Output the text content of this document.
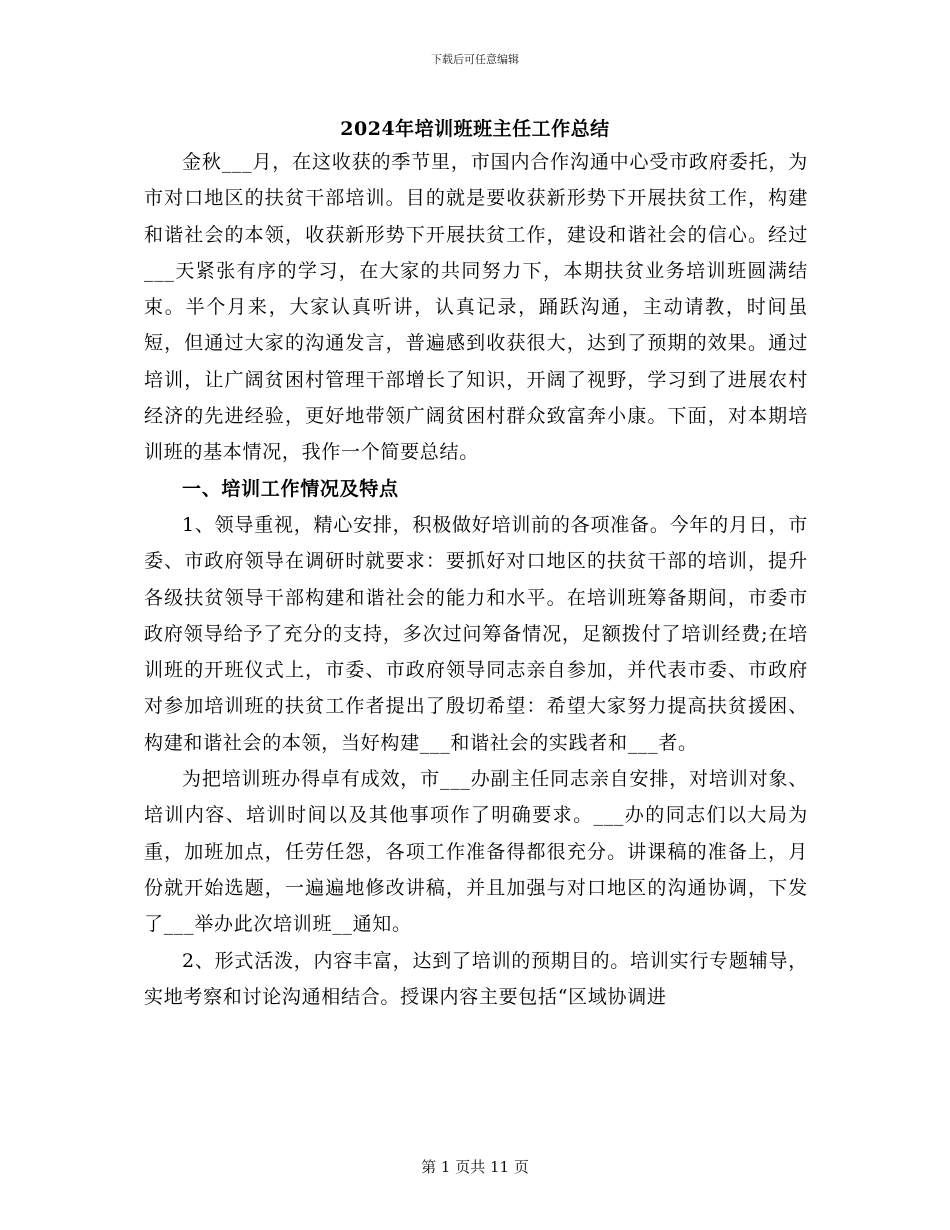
下载后可任意编辑
2024年培训班班主任工作总结

金秋___月，在这收获的季节里，市国内合作沟通中心受市政府委托，为市对口地区的扶贫干部培训。目的就是要收获新形势下开展扶贫工作，构建和谐社会的本领，收获新形势下开展扶贫工作，建设和谐社会的信心。经过___天紧张有序的学习，在大家的共同努力下，本期扶贫业务培训班圆满结束。半个月来，大家认真听讲，认真记录，踊跃沟通，主动请教，时间虽短，但通过大家的沟通发言，普遍感到收获很大，达到了预期的效果。通过培训，让广阔贫困村管理干部增长了知识，开阔了视野，学习到了进展农村经济的先进经验，更好地带领广阔贫困村群众致富奔小康。下面，对本期培训班的基本情况，我作一个简要总结。

一、培训工作情况及特点

1、领导重视，精心安排，积极做好培训前的各项准备。今年的月日，市委、市政府领导在调研时就要求：要抓好对口地区的扶贫干部的培训，提升各级扶贫领导干部构建和谐社会的能力和水平。在培训班筹备期间，市委市政府领导给予了充分的支持，多次过问筹备情况，足额拨付了培训经费;在培训班的开班仪式上，市委、市政府领导同志亲自参加，并代表市委、市政府对参加培训班的扶贫工作者提出了殷切希望：希望大家努力提高扶贫援困、构建和谐社会的本领，当好构建___和谐社会的实践者和___者。

为把培训班办得卓有成效，市___办副主任同志亲自安排，对培训对象、培训内容、培训时间以及其他事项作了明确要求。___办的同志们以大局为重，加班加点，任劳任怨，各项工作准备得都很充分。讲课稿的准备上，月份就开始选题，一遍遍地修改讲稿，并且加强与对口地区的沟通协调，下发了___举办此次培训班__通知。

2、形式活泼，内容丰富，达到了培训的预期目的。培训实行专题辅导，实地考察和讨论沟通相结合。授课内容主要包括“区域协调进

第 1 页共 11 页
